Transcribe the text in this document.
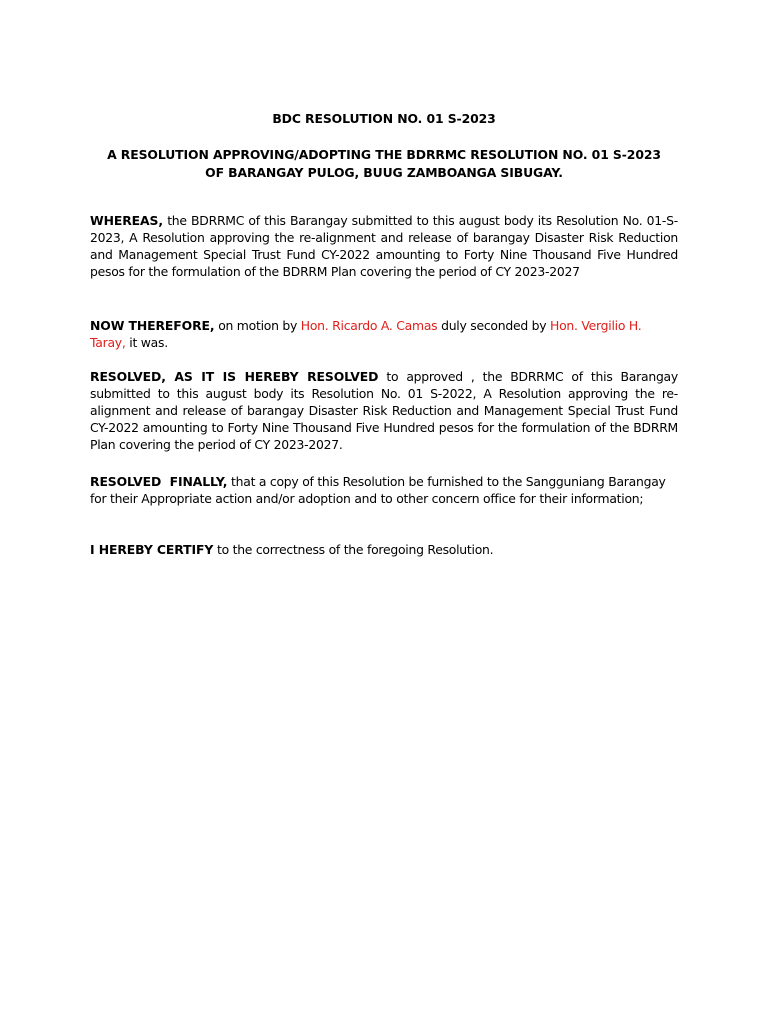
BDC RESOLUTION NO. 01 S-2023
A RESOLUTION APPROVING/ADOPTING THE BDRRMC RESOLUTION NO. 01 S-2023
OF BARANGAY PULOG, BUUG ZAMBOANGA SIBUGAY.

WHEREAS, the BDRRMC of this Barangay submitted to this august body its Resolution No. 01-S-2023, A Resolution approving the re-alignment and release of barangay Disaster Risk Reduction and Management Special Trust Fund CY-2022 amounting to Forty Nine Thousand Five Hundred pesos for the formulation of the BDRRM Plan covering the period of CY 2023-2027

NOW THEREFORE, on motion by Hon. Ricardo A. Camas duly seconded by Hon. Vergilio H. Taray, it was.

RESOLVED, AS IT IS HEREBY RESOLVED to approved , the BDRRMC of this Barangay submitted to this august body its Resolution No. 01 S-2022, A Resolution approving the re-alignment and release of barangay Disaster Risk Reduction and Management Special Trust Fund CY-2022 amounting to Forty Nine Thousand Five Hundred pesos for the formulation of the BDRRM Plan covering the period of CY 2023-2027.

RESOLVED  FINALLY, that a copy of this Resolution be furnished to the Sangguniang Barangay for their Appropriate action and/or adoption and to other concern office for their information;

I HEREBY CERTIFY to the correctness of the foregoing Resolution.
